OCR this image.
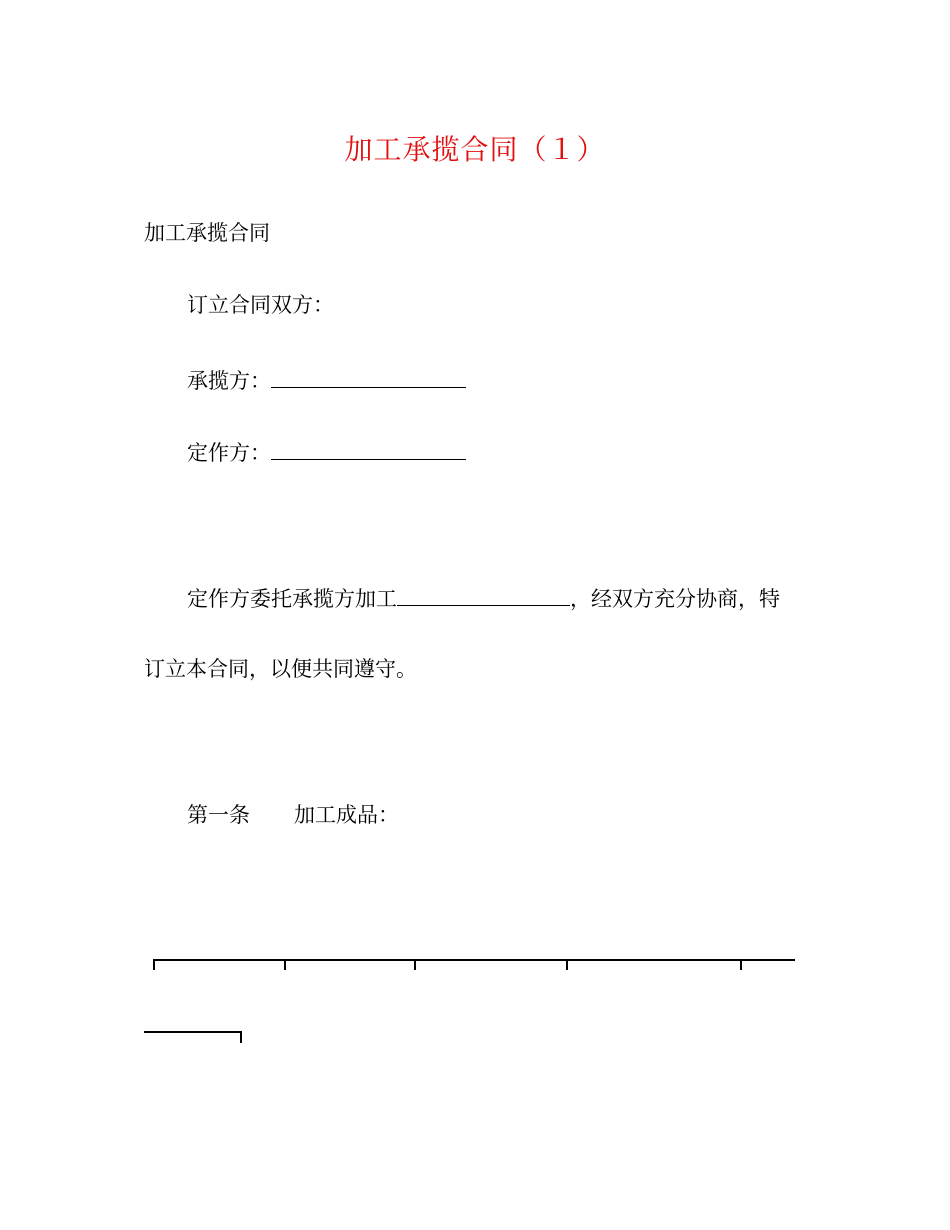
加工承揽合同（１）
加工承揽合同
订立合同双方：
承揽方：
定作方：
定作方委托承揽方加工	，经双方充分协商，特
订立本合同，以便共同遵守。
第一条 加工成品：
